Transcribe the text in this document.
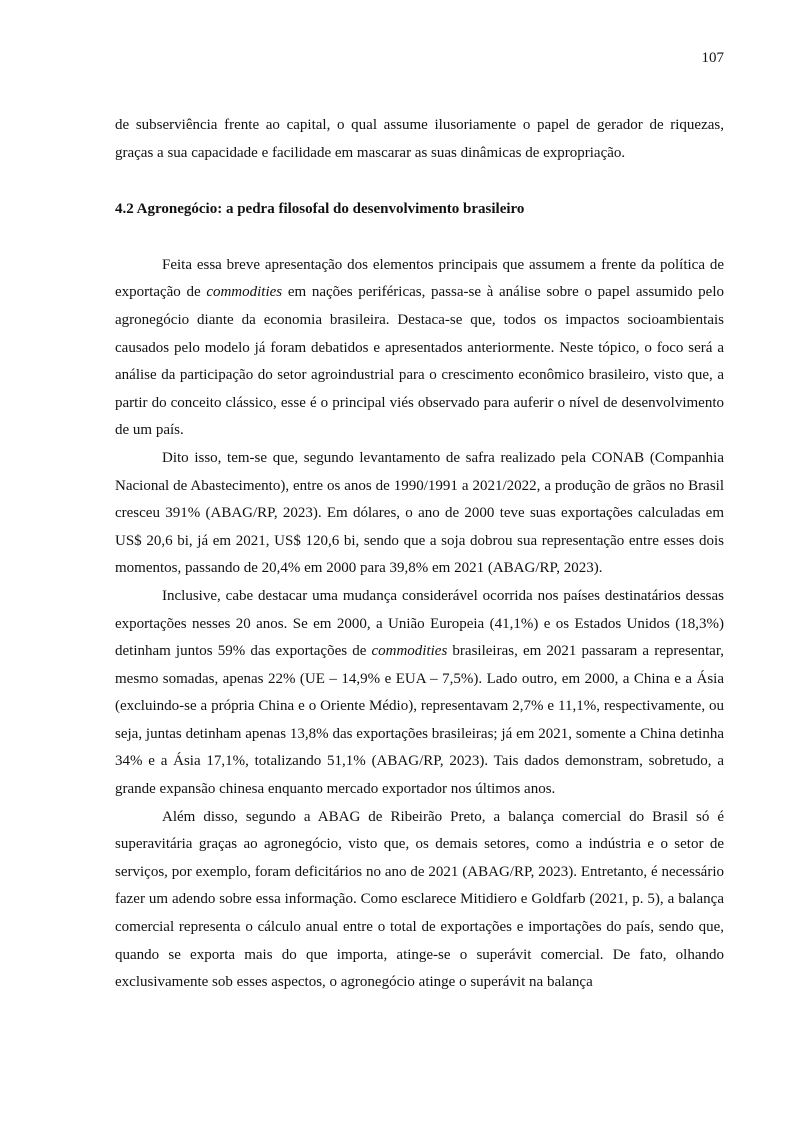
107

de subserviência frente ao capital, o qual assume ilusoriamente o papel de gerador de riquezas, graças a sua capacidade e facilidade em mascarar as suas dinâmicas de expropriação.

4.2 Agronegócio: a pedra filosofal do desenvolvimento brasileiro

Feita essa breve apresentação dos elementos principais que assumem a frente da política de exportação de commodities em nações periféricas, passa-se à análise sobre o papel assumido pelo agronegócio diante da economia brasileira. Destaca-se que, todos os impactos socioambientais causados pelo modelo já foram debatidos e apresentados anteriormente. Neste tópico, o foco será a análise da participação do setor agroindustrial para o crescimento econômico brasileiro, visto que, a partir do conceito clássico, esse é o principal viés observado para auferir o nível de desenvolvimento de um país.

Dito isso, tem-se que, segundo levantamento de safra realizado pela CONAB (Companhia Nacional de Abastecimento), entre os anos de 1990/1991 a 2021/2022, a produção de grãos no Brasil cresceu 391% (ABAG/RP, 2023). Em dólares, o ano de 2000 teve suas exportações calculadas em US$ 20,6 bi, já em 2021, US$ 120,6 bi, sendo que a soja dobrou sua representação entre esses dois momentos, passando de 20,4% em 2000 para 39,8% em 2021 (ABAG/RP, 2023).

Inclusive, cabe destacar uma mudança considerável ocorrida nos países destinatários dessas exportações nesses 20 anos. Se em 2000, a União Europeia (41,1%) e os Estados Unidos (18,3%) detinham juntos 59% das exportações de commodities brasileiras, em 2021 passaram a representar, mesmo somadas, apenas 22% (UE – 14,9% e EUA – 7,5%). Lado outro, em 2000, a China e a Ásia (excluindo-se a própria China e o Oriente Médio), representavam 2,7% e 11,1%, respectivamente, ou seja, juntas detinham apenas 13,8% das exportações brasileiras; já em 2021, somente a China detinha 34% e a Ásia 17,1%, totalizando 51,1% (ABAG/RP, 2023). Tais dados demonstram, sobretudo, a grande expansão chinesa enquanto mercado exportador nos últimos anos.

Além disso, segundo a ABAG de Ribeirão Preto, a balança comercial do Brasil só é superavitária graças ao agronegócio, visto que, os demais setores, como a indústria e o setor de serviços, por exemplo, foram deficitários no ano de 2021 (ABAG/RP, 2023). Entretanto, é necessário fazer um adendo sobre essa informação. Como esclarece Mitidiero e Goldfarb (2021, p. 5), a balança comercial representa o cálculo anual entre o total de exportações e importações do país, sendo que, quando se exporta mais do que importa, atinge-se o superávit comercial. De fato, olhando exclusivamente sob esses aspectos, o agronegócio atinge o superávit na balança
